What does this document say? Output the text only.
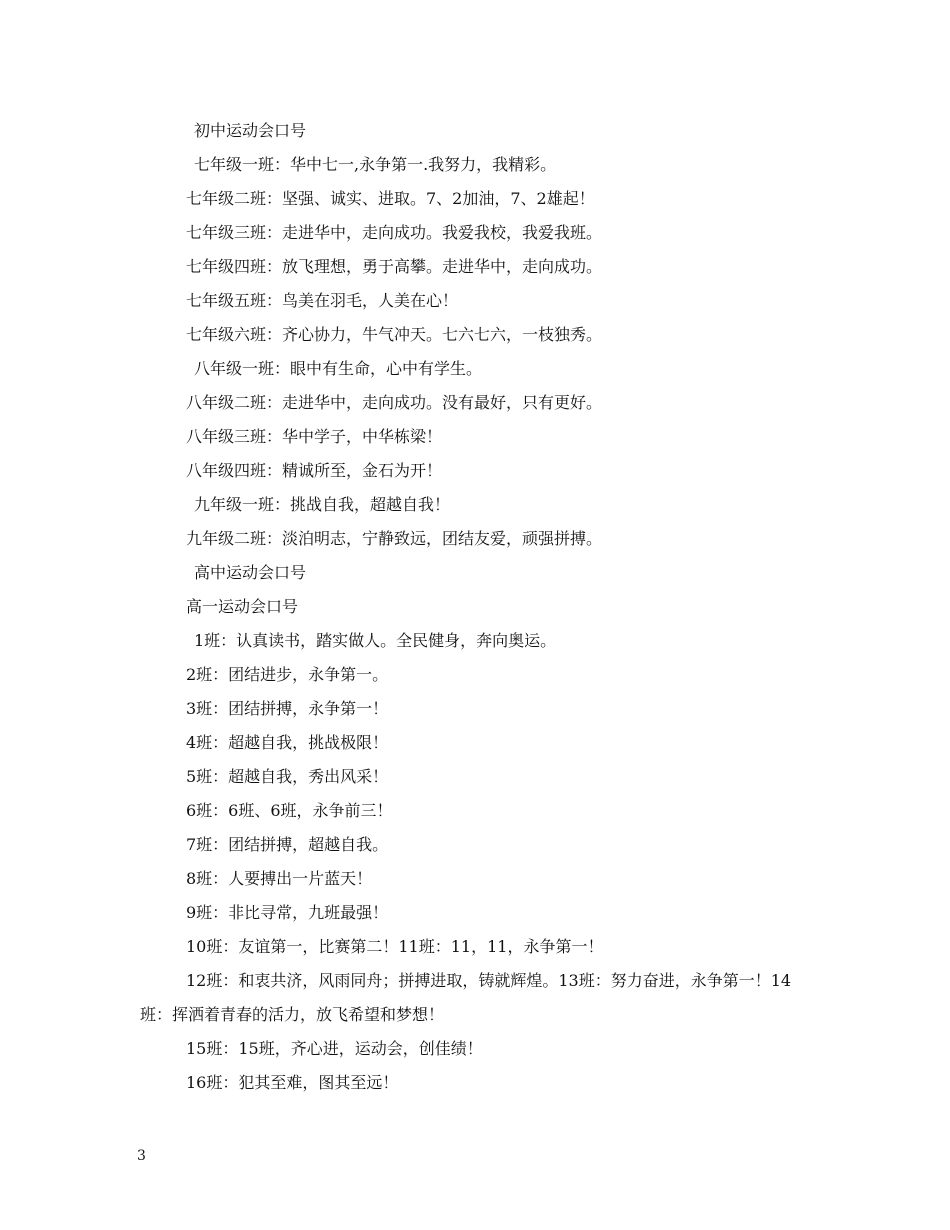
初中运动会口号
七年级一班：华中七一,永争第一.我努力，我精彩。
七年级二班：坚强、诚实、进取。7、2加油，7、2雄起！
七年级三班：走进华中，走向成功。我爱我校，我爱我班。
七年级四班：放飞理想，勇于高攀。走进华中，走向成功。
七年级五班：鸟美在羽毛，人美在心！
七年级六班：齐心协力，牛气冲天。七六七六，一枝独秀。
八年级一班：眼中有生命，心中有学生。
八年级二班：走进华中，走向成功。没有最好，只有更好。
八年级三班：华中学子，中华栋梁！
八年级四班：精诚所至，金石为开！
九年级一班：挑战自我，超越自我！
九年级二班：淡泊明志，宁静致远，团结友爱，顽强拼搏。
高中运动会口号
高一运动会口号
1班：认真读书，踏实做人。全民健身，奔向奥运。
2班：团结进步，永争第一。
3班：团结拼搏，永争第一！
4班：超越自我，挑战极限！
5班：超越自我，秀出风采！
6班：6班、6班，永争前三！
7班：团结拼搏，超越自我。
8班：人要搏出一片蓝天！
9班：非比寻常，九班最强！
10班：友谊第一，比赛第二！11班：11，11，永争第一！
12班：和衷共济，风雨同舟；拼搏进取，铸就辉煌。13班：努力奋进，永争第一！14班：挥洒着青春的活力，放飞希望和梦想！
15班：15班，齐心进，运动会，创佳绩！
16班：犯其至难，图其至远！
3
